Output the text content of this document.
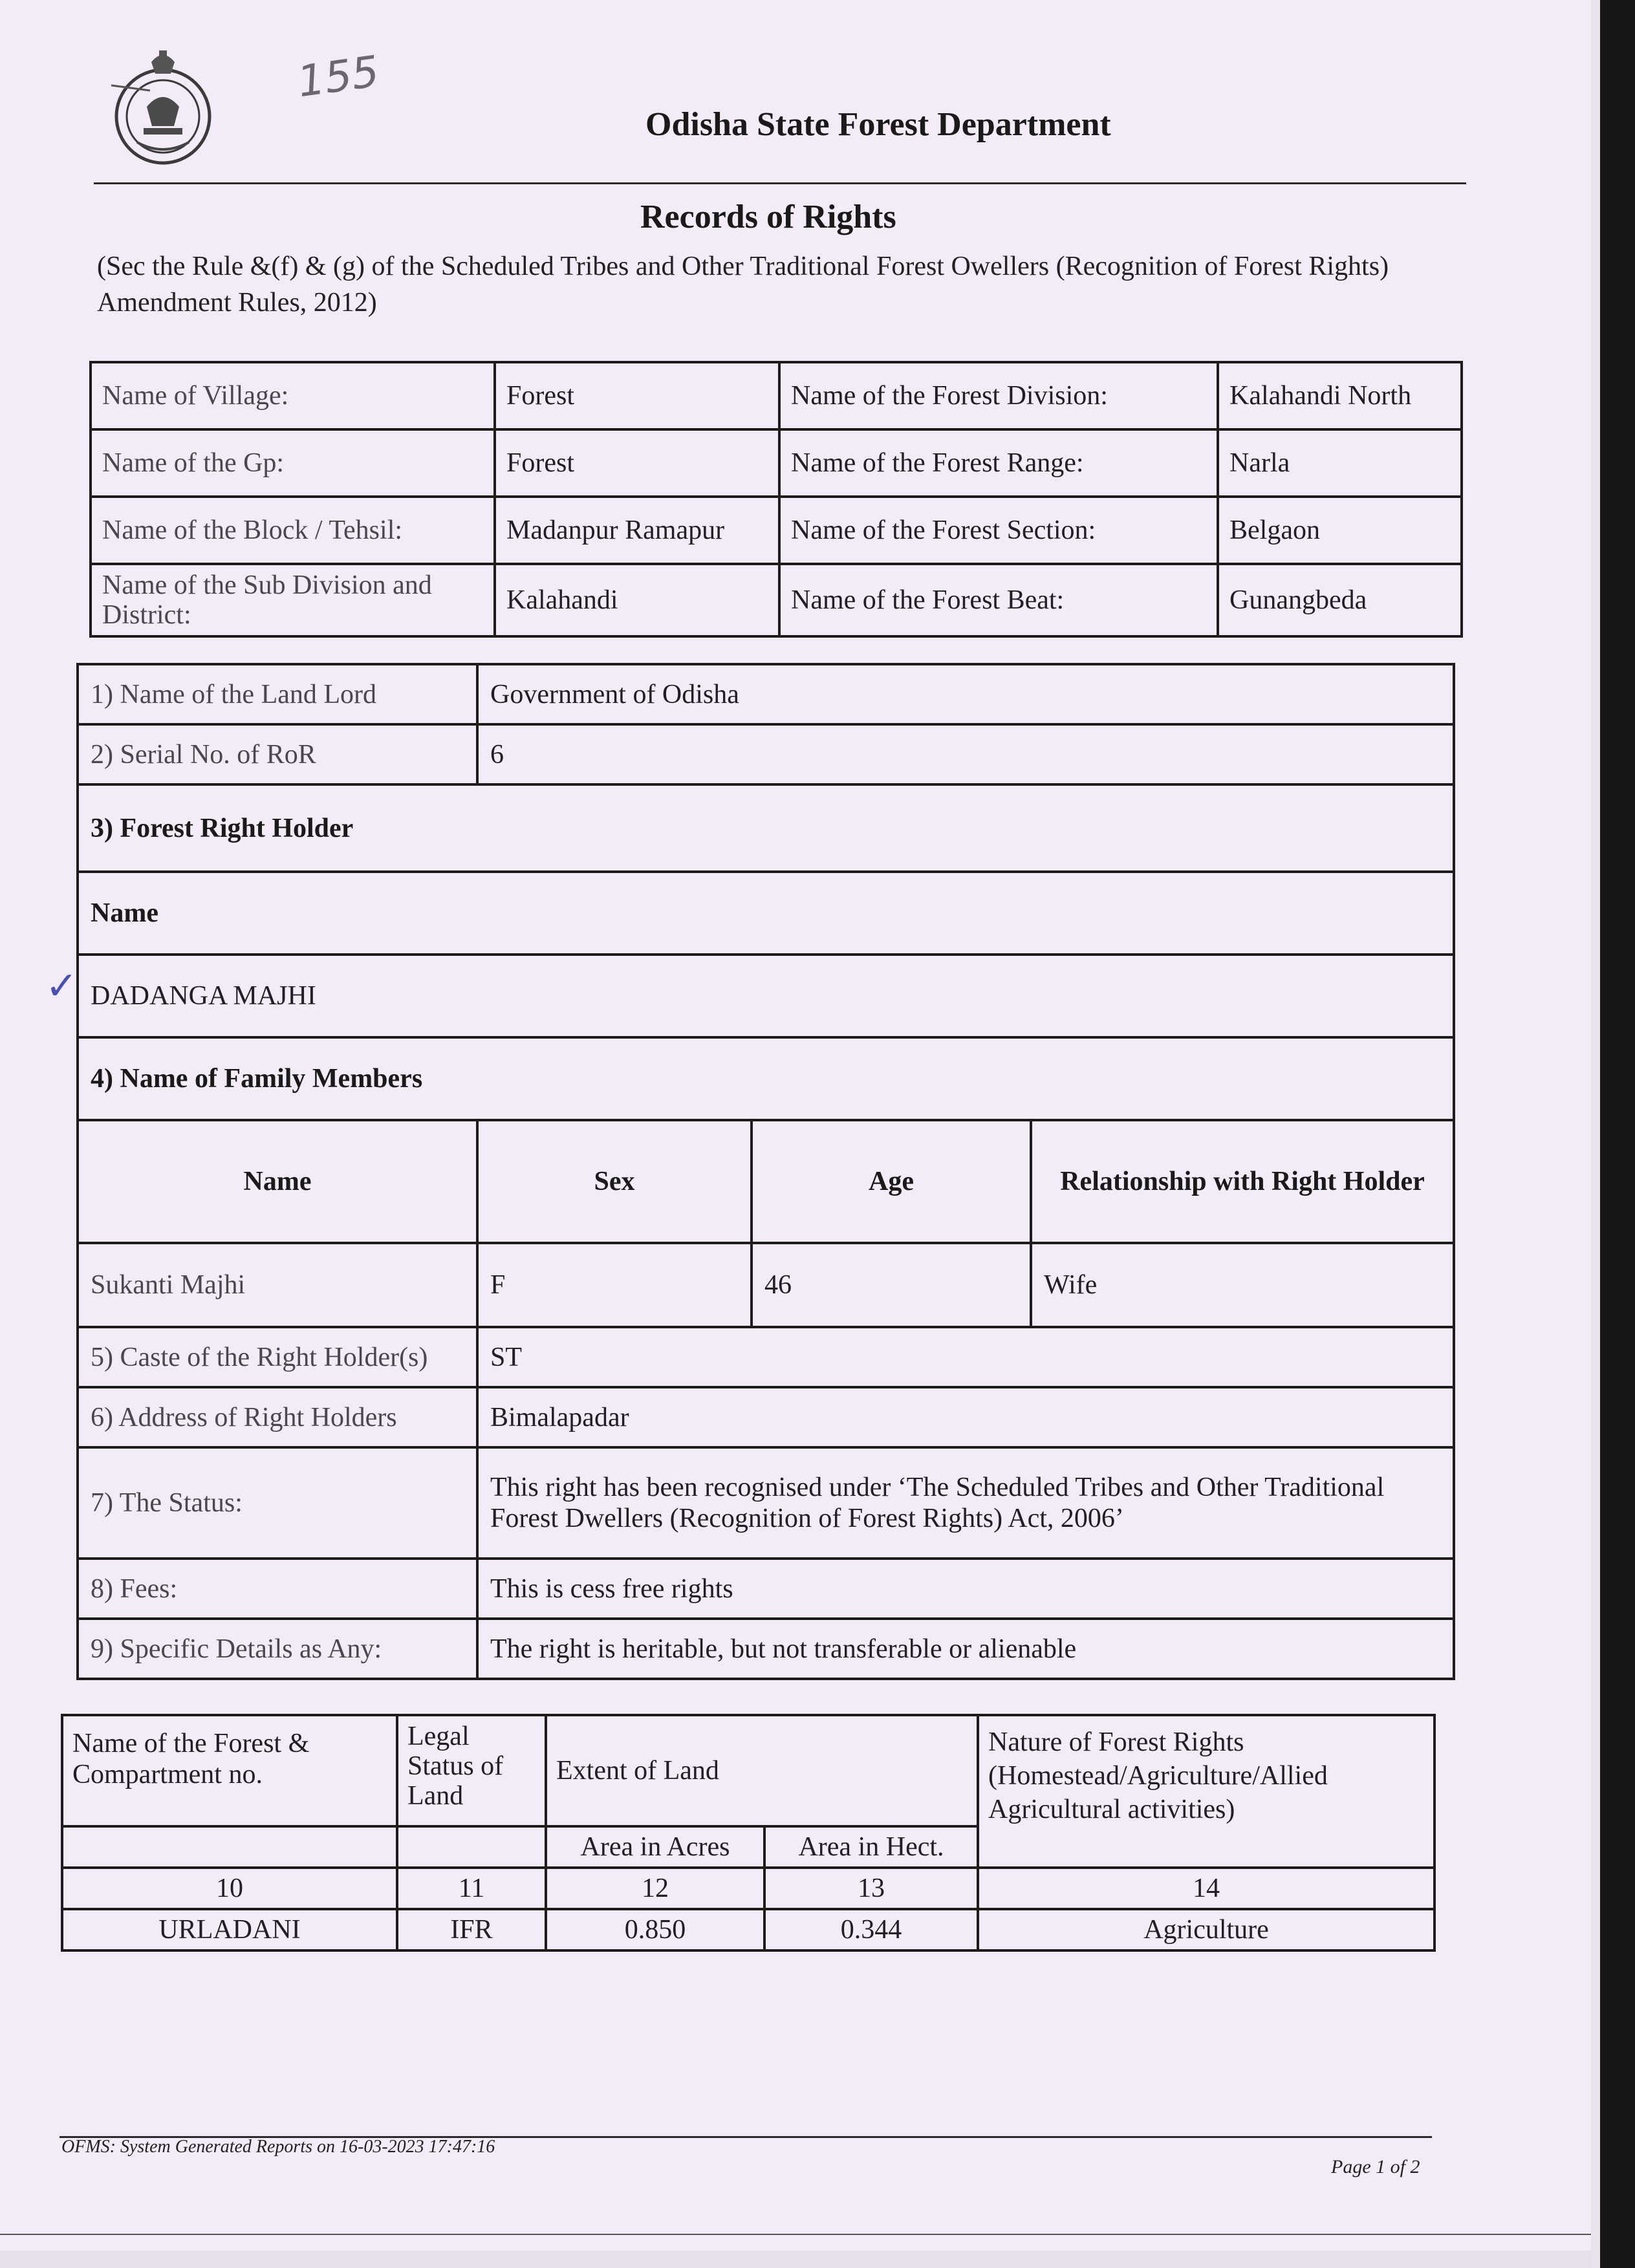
155
✓
Odisha State Forest Department
Records of Rights
(Sec the Rule &(f) & (g) of the Scheduled Tribes and Other Traditional Forest Owellers (Recognition of Forest Rights) Amendment Rules, 2012)
Name of Village:	Forest	Name of the Forest Division:	Kalahandi North
Name of the Gp:	Forest	Name of the Forest Range:	Narla
Name of the Block / Tehsil:	Madanpur Ramapur	Name of the Forest Section:	Belgaon
Name of the Sub Division and District:	Kalahandi	Name of the Forest Beat:	Gunangbeda
1) Name of the Land Lord	Government of Odisha		
2) Serial No. of RoR	6		
3) Forest Right Holder			
Name			
DADANGA MAJHI			
4) Name of Family Members			
Name	Sex	Age	Relationship with Right Holder
Sukanti Majhi	F	46	Wife
5) Caste of the Right Holder(s)	ST		
6) Address of Right Holders	Bimalapadar		
7) The Status:	This right has been recognised under ‘The Scheduled Tribes and Other Traditional
Forest Dwellers (Recognition of Forest Rights) Act, 2006’		

8) Fees:	This is cess free rights		
9) Specific Details as Any:	The right is heritable, but not transferable or alienable		
Name of the Forest & Compartment no.	Legal Status of Land	Extent of Land		Nature of Forest Rights (Homestead/Agriculture/Allied Agricultural activities)
		Area in Acres	Area in Hect.	
10	11	12	13	14
URLADANI	IFR	0.850	0.344	Agriculture
OFMS: System Generated Reports on 16-03-2023 17:47:16
Page 1 of 2
